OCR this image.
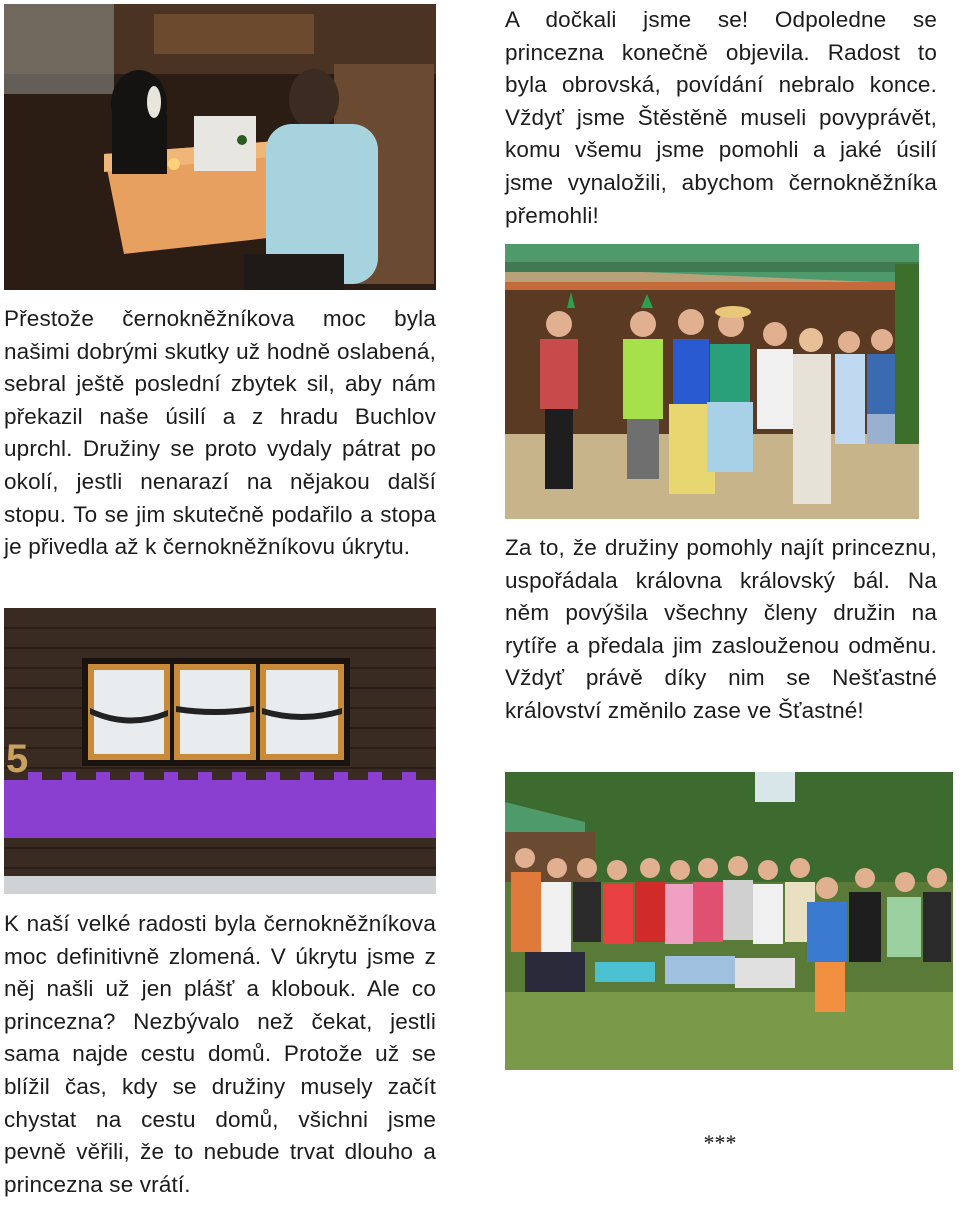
Přestože černokněžníkova moc byla našimi dobrými skutky už hodně oslabená, sebral ještě poslední zbytek sil, aby nám překazil naše úsilí a z hradu Buchlov uprchl. Družiny se proto vydaly pátrat po okolí, jestli nenarazí na nějakou další stopu. To se jim skutečně podařilo a stopa je přivedla až k černokněžníkovu úkrytu.

5

K naší velké radosti byla černokněžníkova moc definitivně zlomená. V úkrytu jsme z něj našli už jen plášť a klobouk. Ale co princezna? Nezbývalo než čekat, jestli sama najde cestu domů. Protože už se blížil čas, kdy se družiny musely začít chystat na cestu domů, všichni jsme pevně věřili, že to nebude trvat dlouho a princezna se vrátí.

A dočkali jsme se! Odpoledne se princezna konečně objevila. Radost to byla obrovská, povídání nebralo konce. Vždyť jsme Štěstěně museli povyprávět, komu všemu jsme pomohli a jaké úsilí jsme vynaložili, abychom černokněžníka přemohli!

Za to, že družiny pomohly najít princeznu, uspořádala královna královský bál. Na něm povýšila všechny členy družin na rytíře a předala jim zaslouženou odměnu. Vždyť právě díky nim se Nešťastné království změnilo zase ve Šťastné!

***
